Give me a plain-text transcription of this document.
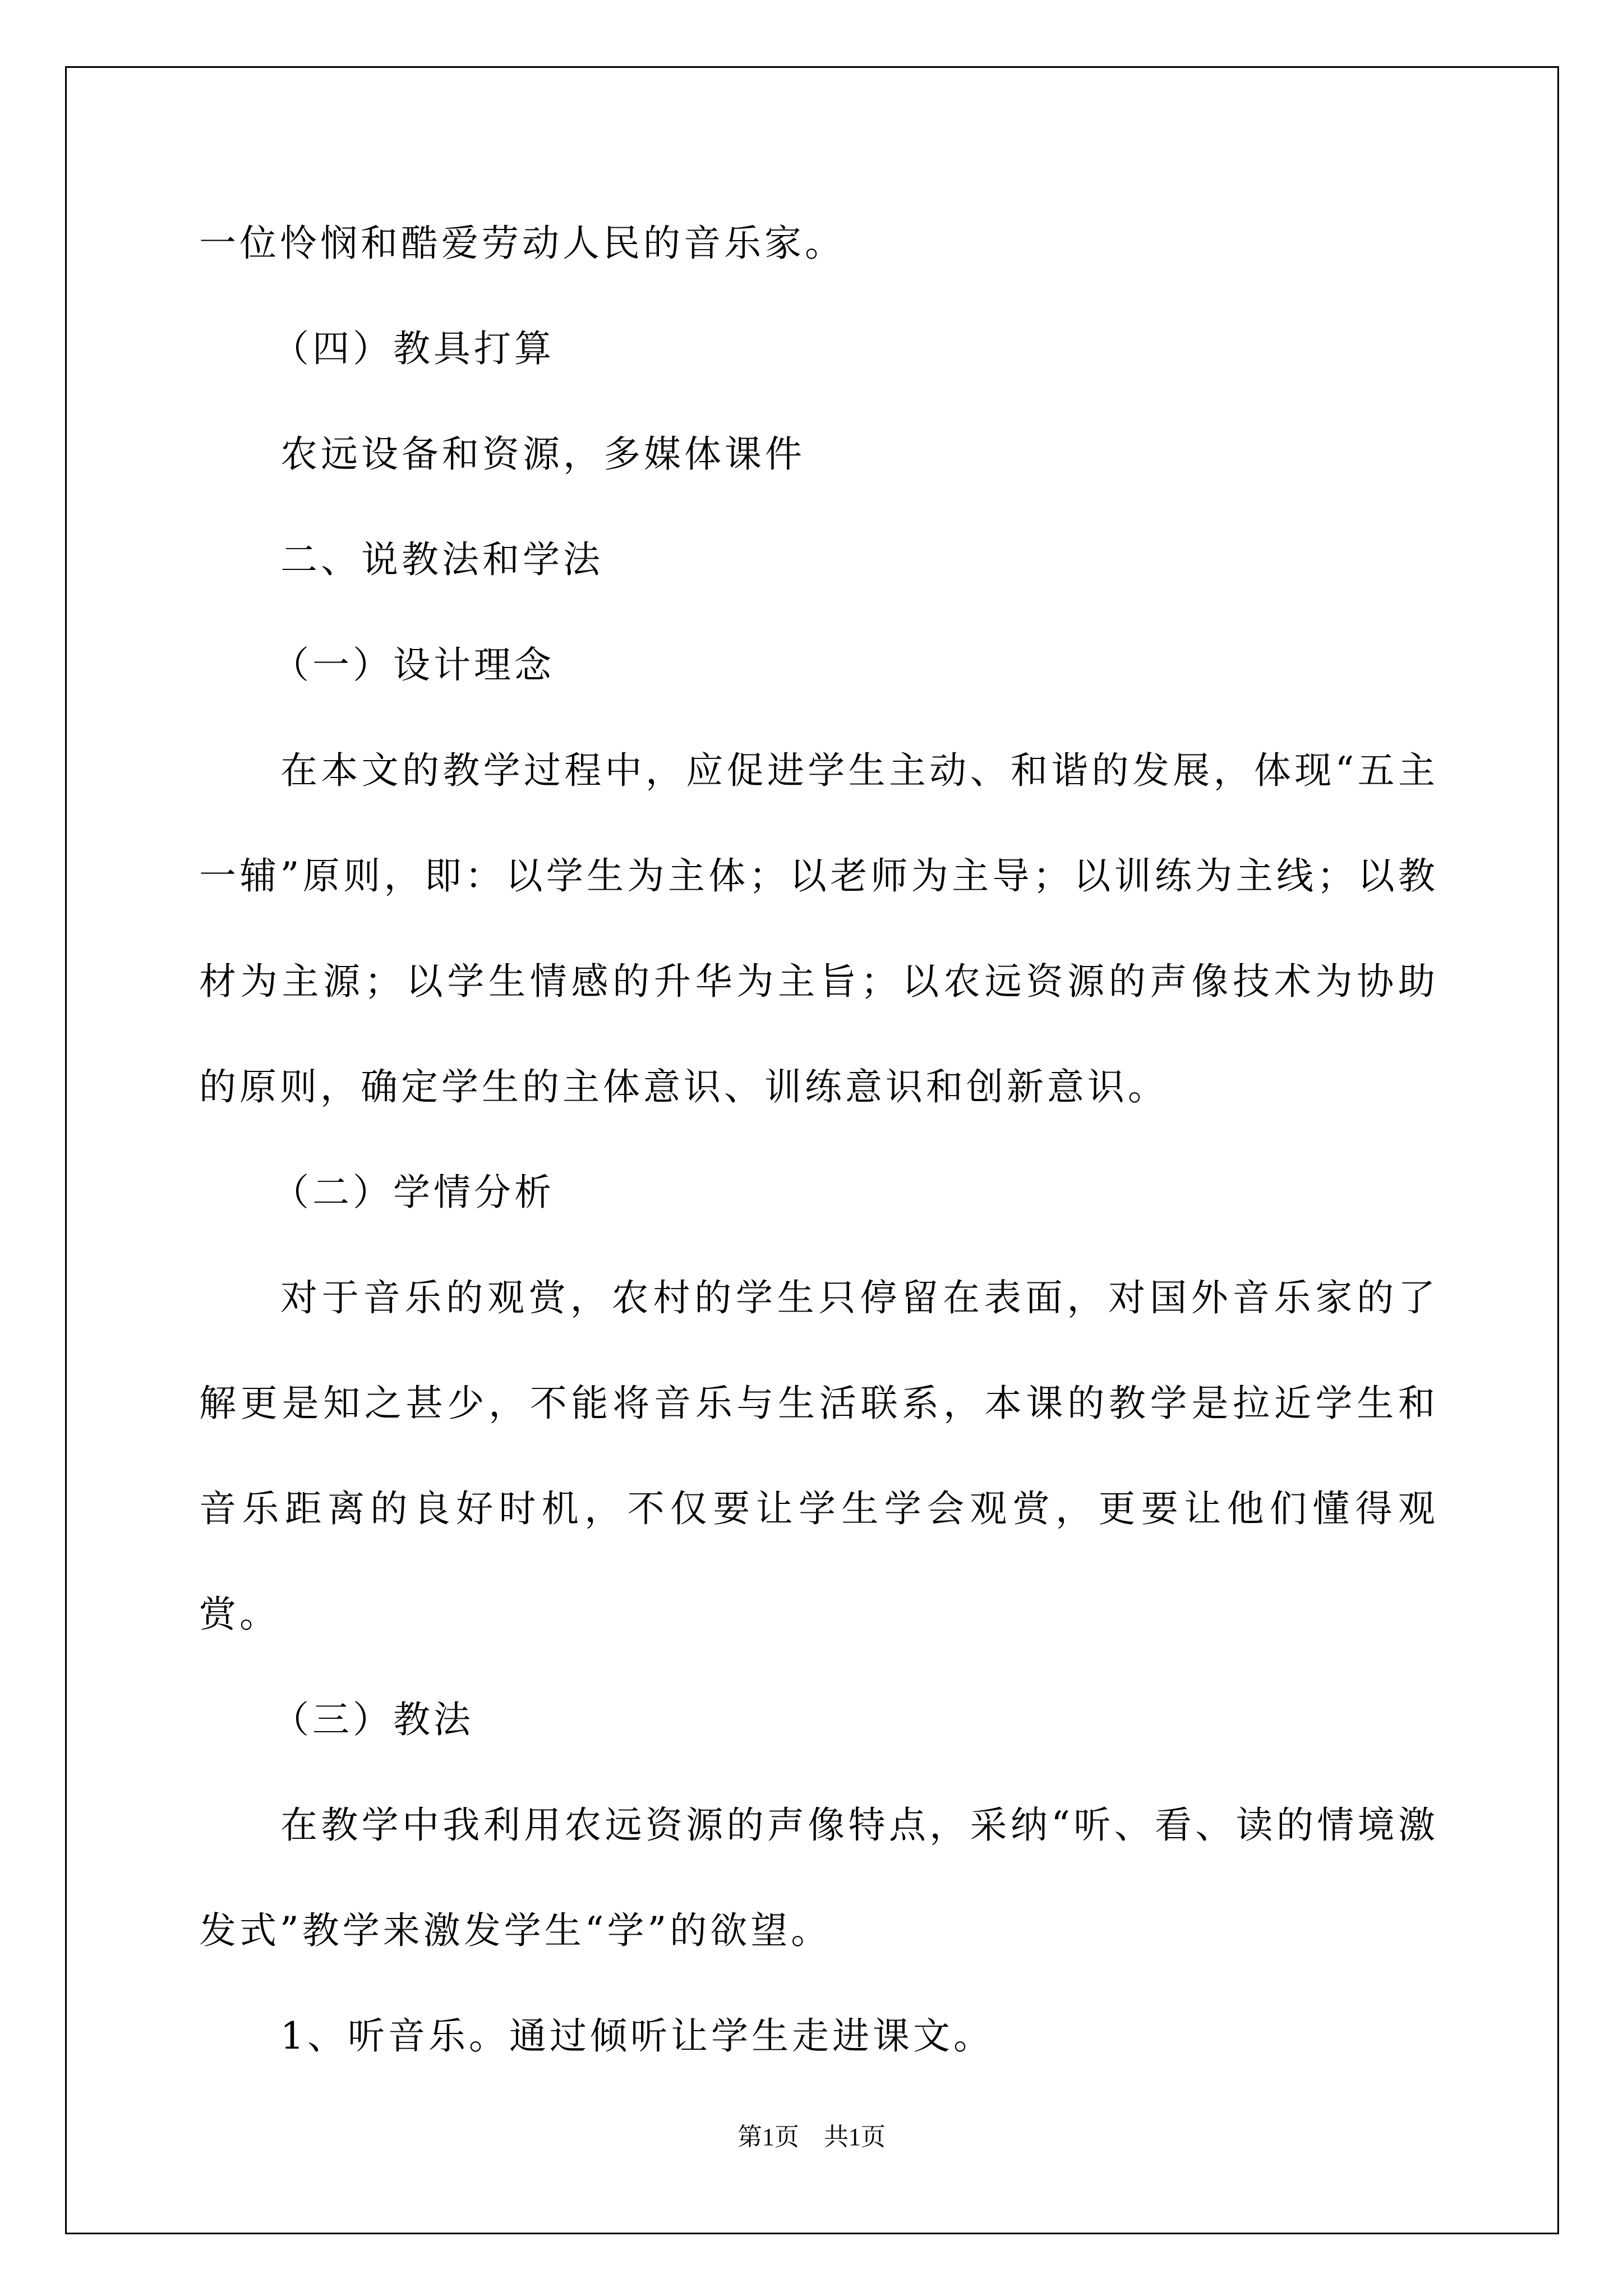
一位怜悯和酷爱劳动人民的音乐家。

（四）教具打算

农远设备和资源，多媒体课件

二、说教法和学法

（一）设计理念

在本文的教学过程中，应促进学生主动、和谐的发展，体现“五主一辅”原则，即：以学生为主体；以老师为主导；以训练为主线；以教材为主源；以学生情感的升华为主旨；以农远资源的声像技术为协助的原则，确定学生的主体意识、训练意识和创新意识。

（二）学情分析

对于音乐的观赏，农村的学生只停留在表面，对国外音乐家的了解更是知之甚少，不能将音乐与生活联系，本课的教学是拉近学生和音乐距离的良好时机，不仅要让学生学会观赏，更要让他们懂得观赏。

（三）教法

在教学中我利用农远资源的声像特点，采纳“听、看、读的情境激发式”教学来激发学生“学”的欲望。

1、听音乐。通过倾听让学生走进课文。

第1页　共1页
